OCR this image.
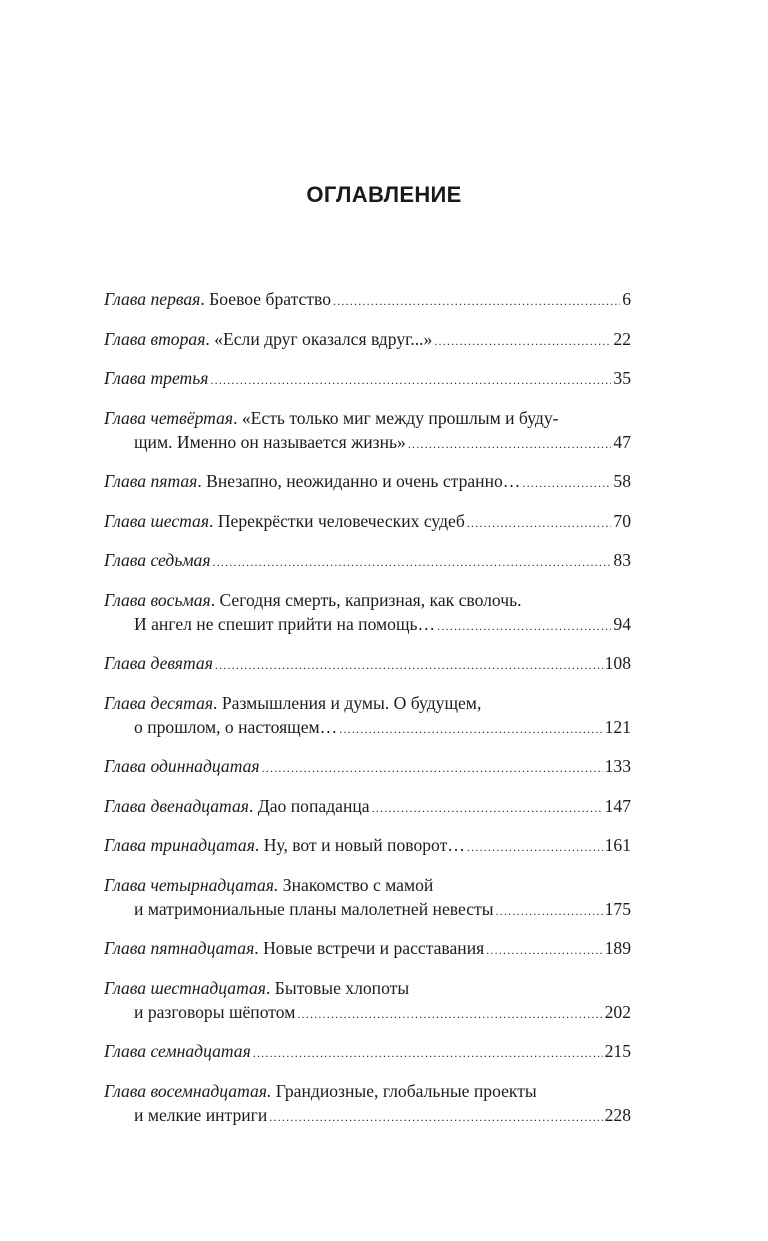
ОГЛАВЛЕНИЕ
Глава первая . Боевое братство .....	6
Глава вторая . «Если друг оказался вдруг...» .....	22
Глава третья .....	35
Глава четвёртая . «Есть только миг между прошлым и буду-
щим. Именно он называется жизнь» .....	47
Глава пятая . Внезапно, неожиданно и очень странно… .....	58
Глава шестая . Перекрёстки человеческих судеб .....	70
Глава седьмая .....	83
Глава восьмая . Сегодня смерть, капризная, как сволочь.
И ангел не спешит прийти на помощь… .....	94
Глава девятая .....	108
Глава десятая . Размышления и думы. О будущем,
о прошлом, о настоящем… .....	121
Глава одиннадцатая .....	133
Глава двенадцатая . Дао попаданца .....	147
Глава тринадцатая . Ну, вот и новый поворот… .....	161
Глава четырнадцатая.
Знакомство с мамой
и матримониальные планы малолетней невесты .....	175
Глава пятнадцатая . Новые встречи и расставания .....	189
Глава шестнадцатая . Бытовые хлопоты
и разговоры шёпотом .....	202
Глава семнадцатая .....	215
Глава восемнадцатая.
Грандиозные, глобальные проекты
и мелкие интриги .....	228
